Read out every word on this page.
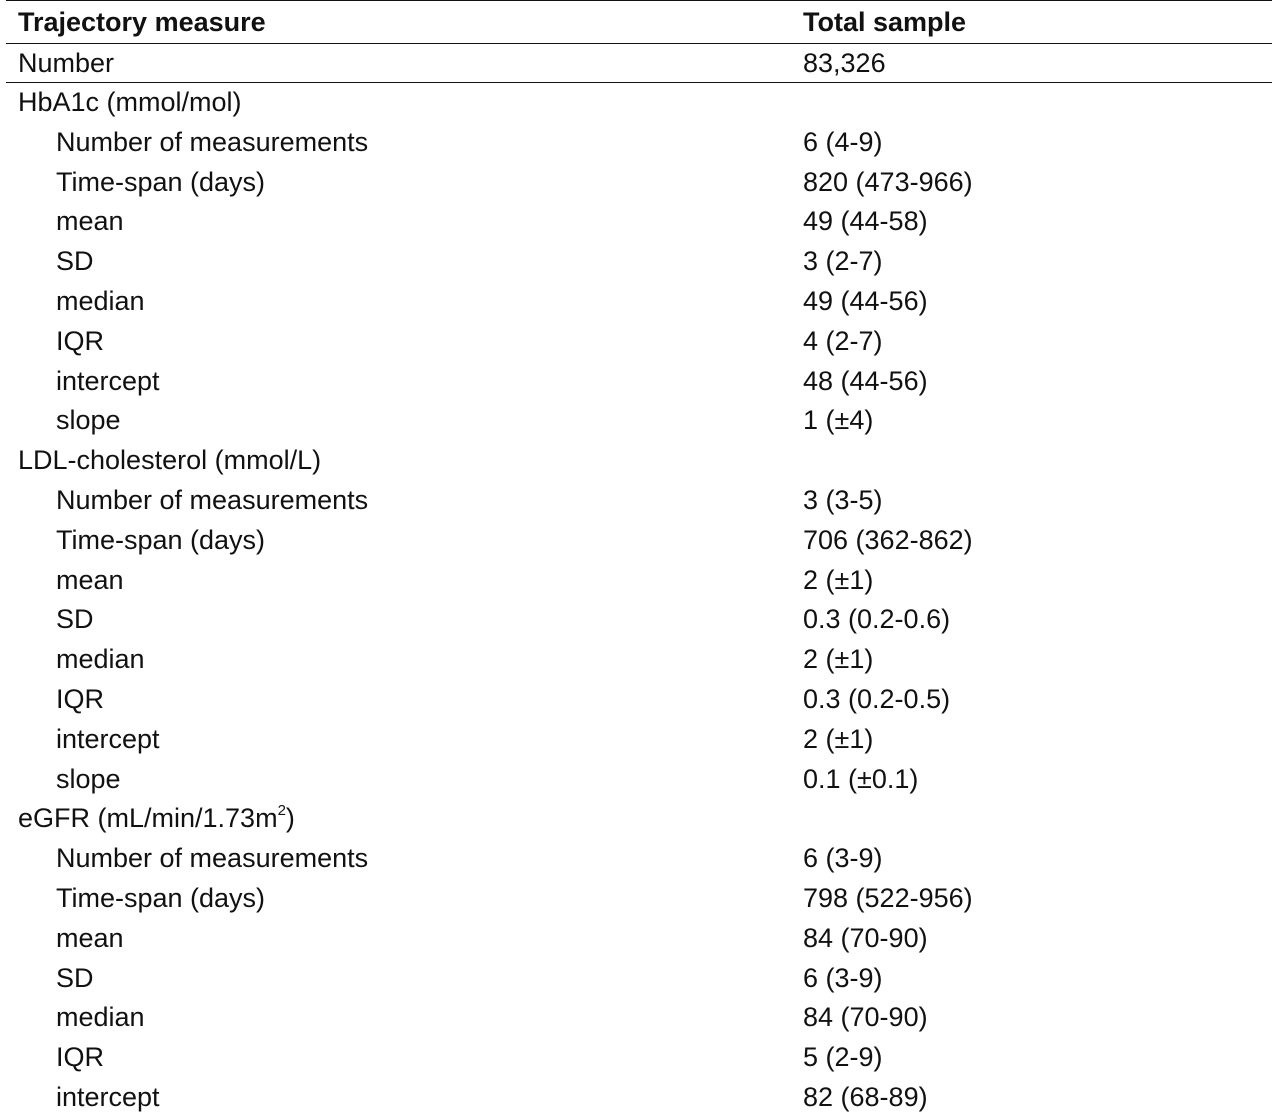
Trajectory measure	Total sample
Number	83,326
HbA1c (mmol/mol)
Number of measurements	6 (4-9)
Time-span (days)	820 (473-966)
mean	49 (44-58)
SD	3 (2-7)
median	49 (44-56)
IQR	4 (2-7)
intercept	48 (44-56)
slope	1 (±4)
LDL-cholesterol (mmol/L)
Number of measurements	3 (3-5)
Time-span (days)	706 (362-862)
mean	2 (±1)
SD	0.3 (0.2-0.6)
median	2 (±1)
IQR	0.3 (0.2-0.5)
intercept	2 (±1)
slope	0.1 (±0.1)
eGFR $(mL/\min/1.73m^2)$
Number of measurements	6 (3-9)
Time-span (days)	798 (522-956)
mean	84 (70-90)
SD	6 (3-9)
median	84 (70-90)
IQR	5 (2-9)
intercept	82 (68-89)
